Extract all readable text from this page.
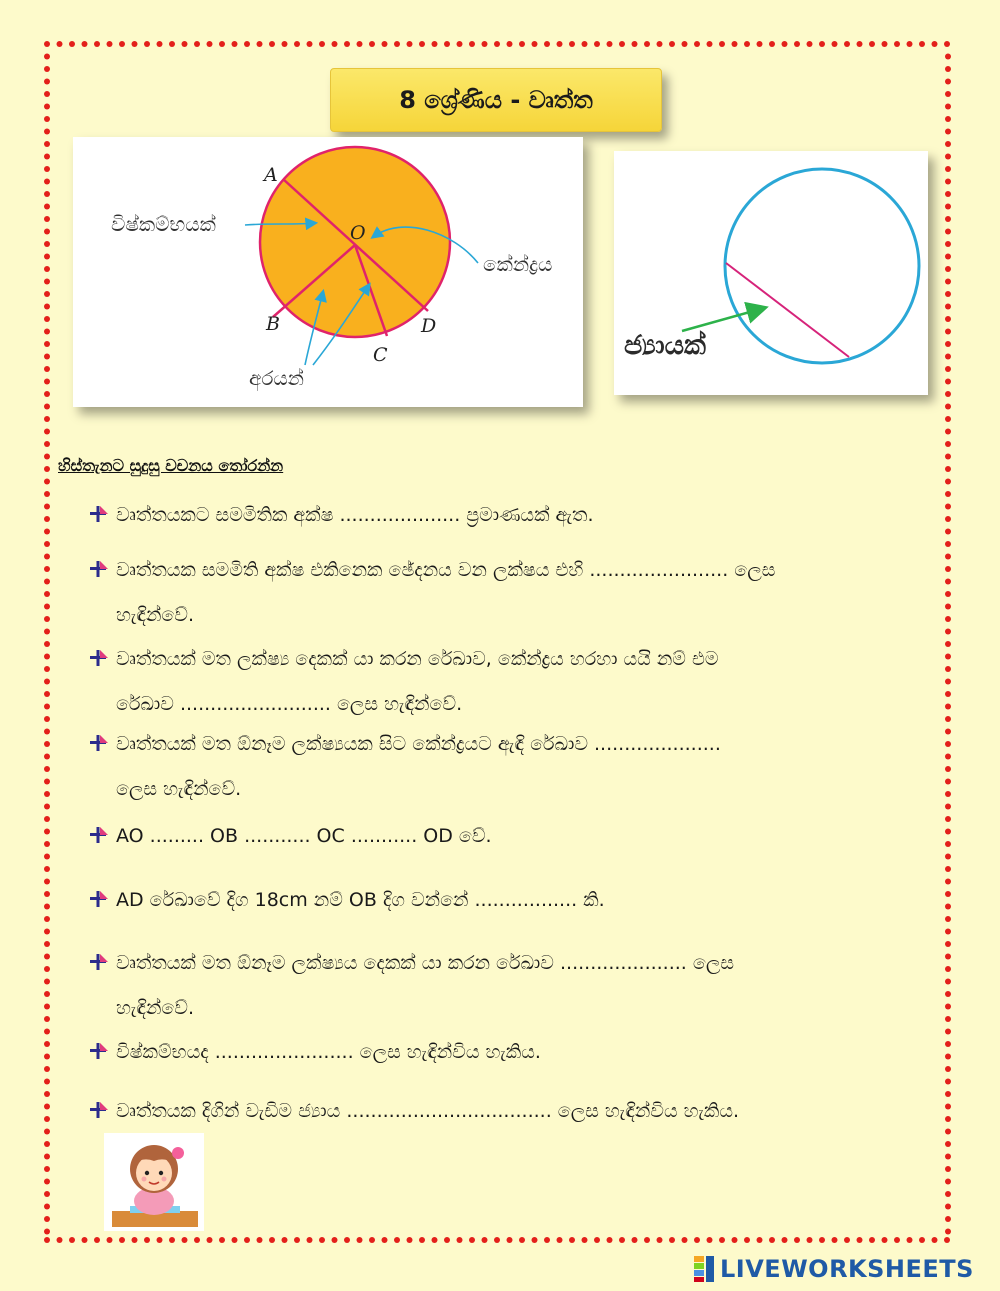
8 ශ්‍රේණිය - වෘත්ත
A
O
B
C
D
විෂ්කම්භයක්
කේන්ද්‍රය
අරයන්
ජ්‍යායක්
හිස්තැනට සුදුසු වචනය තෝරන්න
වෘත්තයකට සමමිතික අක්ෂ .................... ප්‍රමාණයක් ඇත.
වෘත්තයක සමමිති අක්ෂ එකිනෙක ඡේදනය වන ලක්ෂය එහි ....................... ලෙස
හැඳින්වේ.
වෘත්තයක් මත ලක්ෂ්‍ය දෙකක් යා කරන රේඛාව, කේන්ද්‍රය හරහා යයි නම් එම
රේඛාව ......................... ලෙස හැඳින්වේ.
වෘත්තයක් මත ඕනෑම ලක්ෂ්‍යයක සිට කේන්ද්‍රයට ඇඳි රේඛාව .....................
ලෙස හැඳින්වේ.
AO ......... OB ........... OC ........... OD වේ.
AD රේඛාවේ දිග 18cm නම් OB දිග වන්නේ ................. කි.
වෘත්තයක් මත ඕනෑම ලක්ෂ්‍යය දෙකක් යා කරන රේඛාව ..................... ලෙස
හැඳින්වේ.
විෂ්කම්භයද ....................... ලෙස හැඳින්විය හැකිය.
වෘත්තයක දිගින් වැඩිම ජ්‍යාය .................................. ලෙස හැඳින්විය හැකිය.
LIVEWORKSHEETS
